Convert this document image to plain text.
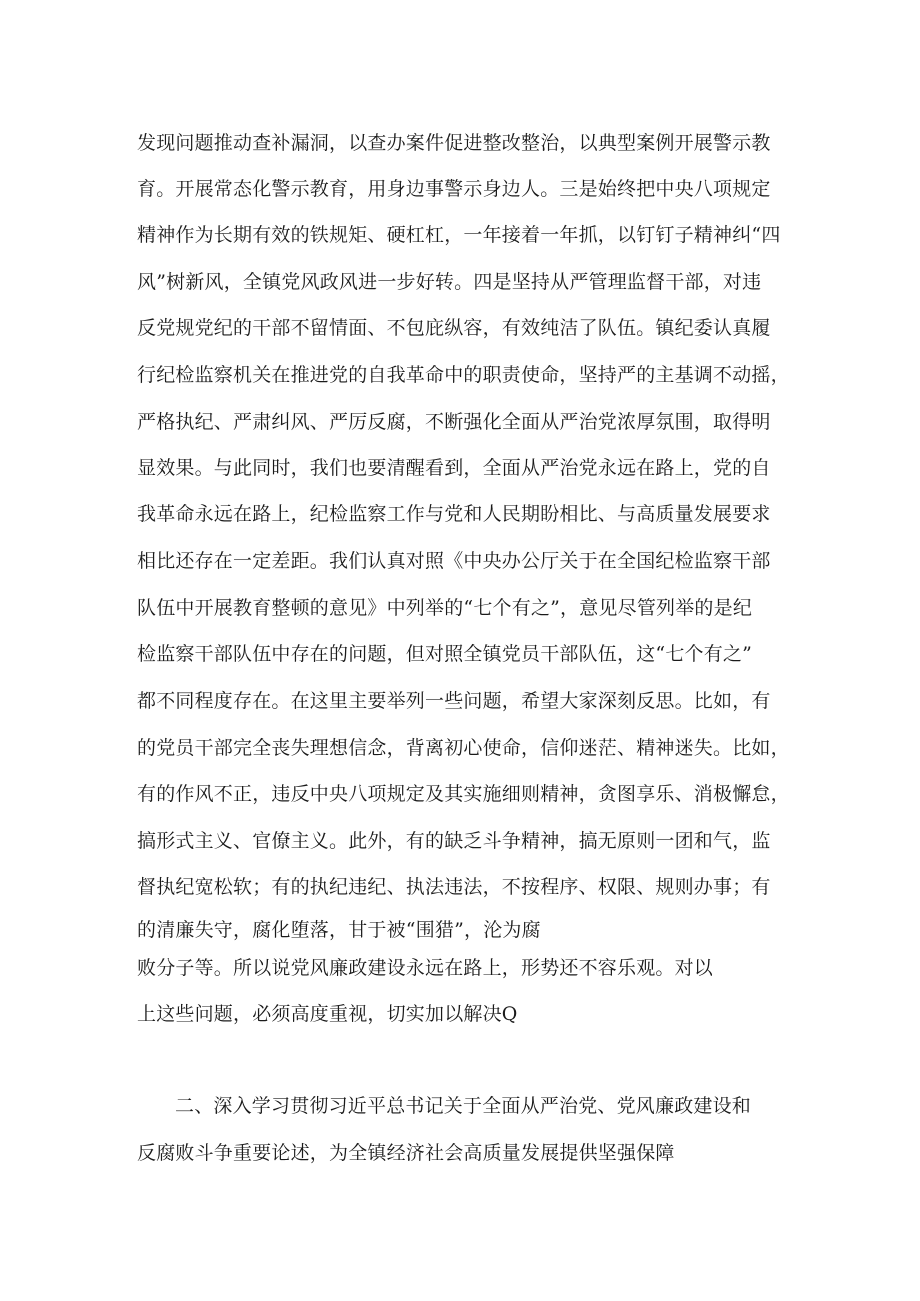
发现问题推动查补漏洞，以查办案件促进整改整治，以典型案例开展警示教
育。开展常态化警示教育，用身边事警示身边人。三是始终把中央八项规定
精神作为长期有效的铁规矩、硬杠杠，一年接着一年抓，以钉钉子精神纠“四
风”树新风，全镇党风政风进一步好转。四是坚持从严管理监督干部，对违
反党规党纪的干部不留情面、不包庇纵容，有效纯洁了队伍。镇纪委认真履
行纪检监察机关在推进党的自我革命中的职责使命，坚持严的主基调不动摇，
严格执纪、严肃纠风、严厉反腐，不断强化全面从严治党浓厚氛围，取得明
显效果。与此同时，我们也要清醒看到，全面从严治党永远在路上，党的自
我革命永远在路上，纪检监察工作与党和人民期盼相比、与高质量发展要求
相比还存在一定差距。我们认真对照《中央办公厅关于在全国纪检监察干部
队伍中开展教育整顿的意见》中列举的“七个有之”，意见尽管列举的是纪
检监察干部队伍中存在的问题，但对照全镇党员干部队伍，这“七个有之”
都不同程度存在。在这里主要举列一些问题，希望大家深刻反思。比如，有
的党员干部完全丧失理想信念，背离初心使命，信仰迷茫、精神迷失。比如，
有的作风不正，违反中央八项规定及其实施细则精神，贪图享乐、消极懈怠，
搞形式主义、官僚主义。此外，有的缺乏斗争精神，搞无原则一团和气，监
督执纪宽松软；有的执纪违纪、执法违法，不按程序、权限、规则办事；有
的清廉失守，腐化堕落，甘于被“围猎”，沦为腐
败分子等。所以说党风廉政建设永远在路上，形势还不容乐观。对以
上这些问题，必须高度重视，切实加以解决Q
二、深入学习贯彻习近平总书记关于全面从严治党、党风廉政建设和
反腐败斗争重要论述，为全镇经济社会高质量发展提供坚强保障
